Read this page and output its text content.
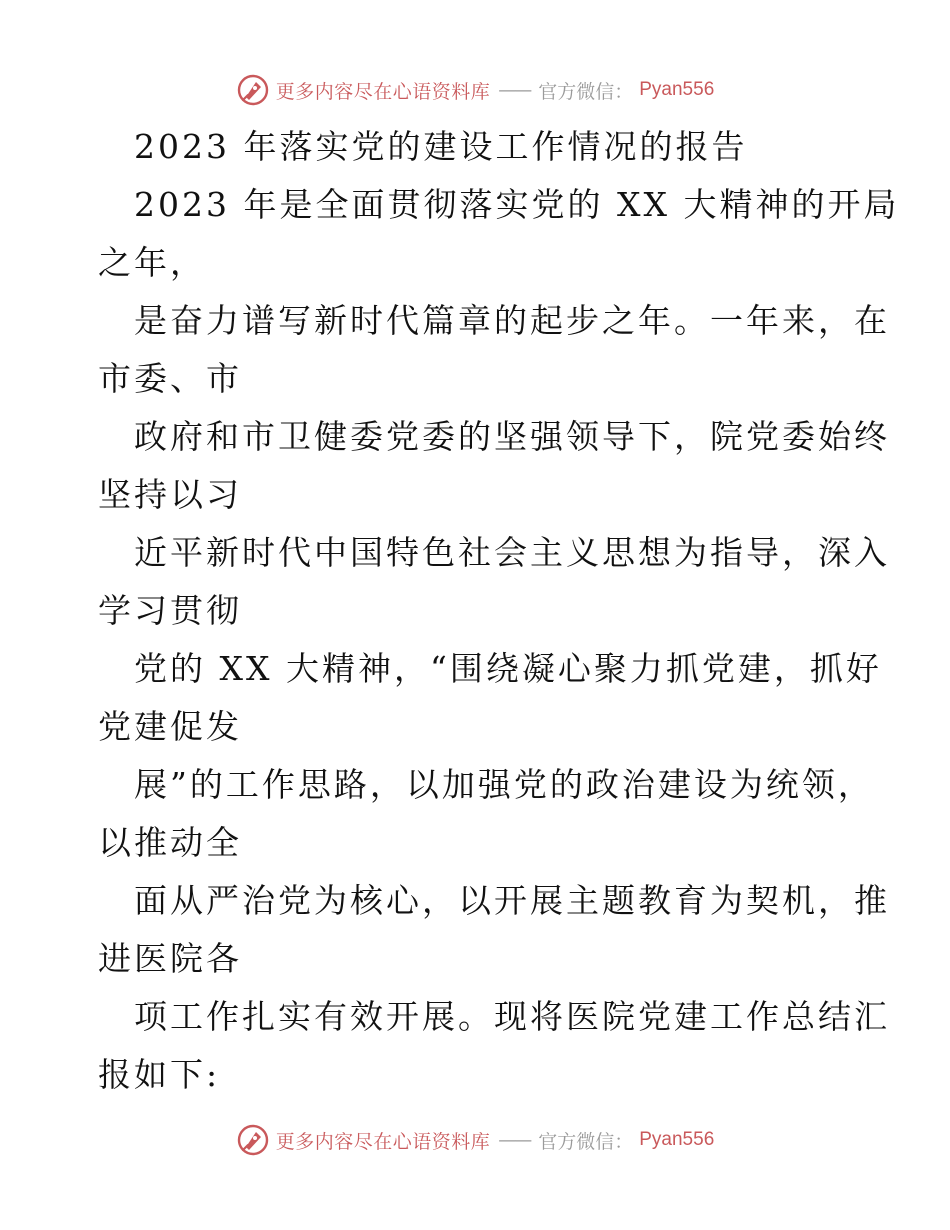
更多内容尽在心语资料库 —— 官方微信： Pyan556
2023 年落实党的建设工作情况的报告
2023 年是全面贯彻落实党的 XX 大精神的开局
之年，
是奋力谱写新时代篇章的起步之年。一年来，在
市委、市
政府和市卫健委党委的坚强领导下，院党委始终
坚持以习
近平新时代中国特色社会主义思想为指导，深入
学习贯彻
党的 XX 大精神，“围绕凝心聚力抓党建，抓好
党建促发
展”的工作思路，以加强党的政治建设为统领，
以推动全
面从严治党为核心，以开展主题教育为契机，推
进医院各
项工作扎实有效开展。现将医院党建工作总结汇
报如下:
更多内容尽在心语资料库 —— 官方微信： Pyan556
